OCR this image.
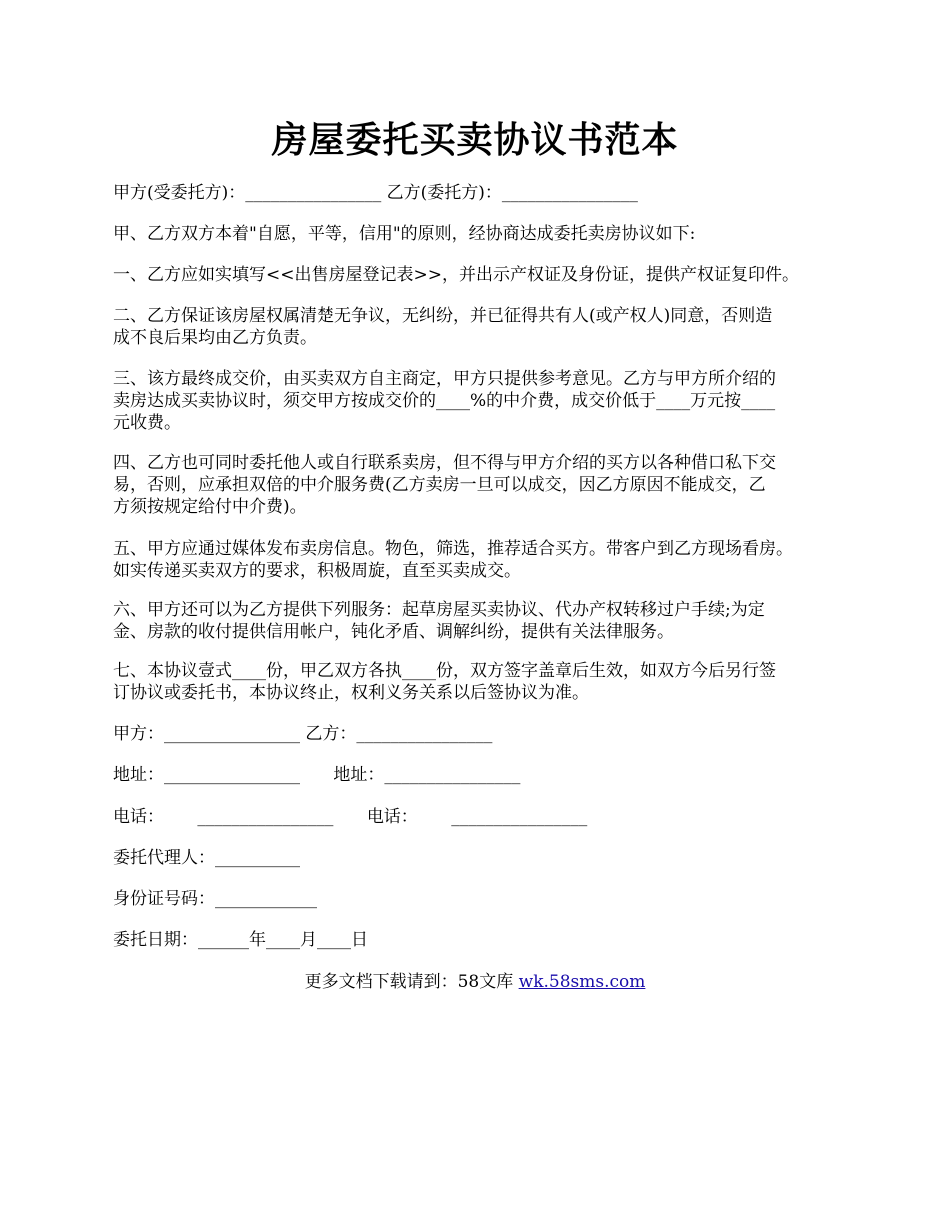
房屋委托买卖协议书范本

甲方(受委托方)：________________ 乙方(委托方)：________________

甲、乙方双方本着"自愿，平等，信用"的原则，经协商达成委托卖房协议如下:

一、乙方应如实填写<<出售房屋登记表>>，并出示产权证及身份证，提供产权证复印件。

二、乙方保证该房屋权属清楚无争议，无纠纷，并已征得共有人(或产权人)同意，否则造
成不良后果均由乙方负责。

三、该方最终成交价，由买卖双方自主商定，甲方只提供参考意见。乙方与甲方所介绍的
卖房达成买卖协议时，须交甲方按成交价的____%的中介费，成交价低于____万元按____
元收费。

四、乙方也可同时委托他人或自行联系卖房，但不得与甲方介绍的买方以各种借口私下交
易，否则，应承担双倍的中介服务费(乙方卖房一旦可以成交，因乙方原因不能成交，乙
方须按规定给付中介费)。

五、甲方应通过媒体发布卖房信息。物色，筛选，推荐适合买方。带客户到乙方现场看房。
如实传递买卖双方的要求，积极周旋，直至买卖成交。

六、甲方还可以为乙方提供下列服务：起草房屋买卖协议、代办产权转移过户手续;为定
金、房款的收付提供信用帐户，钝化矛盾、调解纠纷，提供有关法律服务。

七、本协议壹式____份，甲乙双方各执____份，双方签字盖章后生效，如双方今后另行签
订协议或委托书，本协议终止，权利义务关系以后签协议为准。

甲方：________________ 乙方：________________

地址：________________ 地址：________________

电话： ________________ 电话： ________________

委托代理人：__________

身份证号码：____________

委托日期：______年____月____日

更多文档下载请到：58文库 wk.58sms.com
